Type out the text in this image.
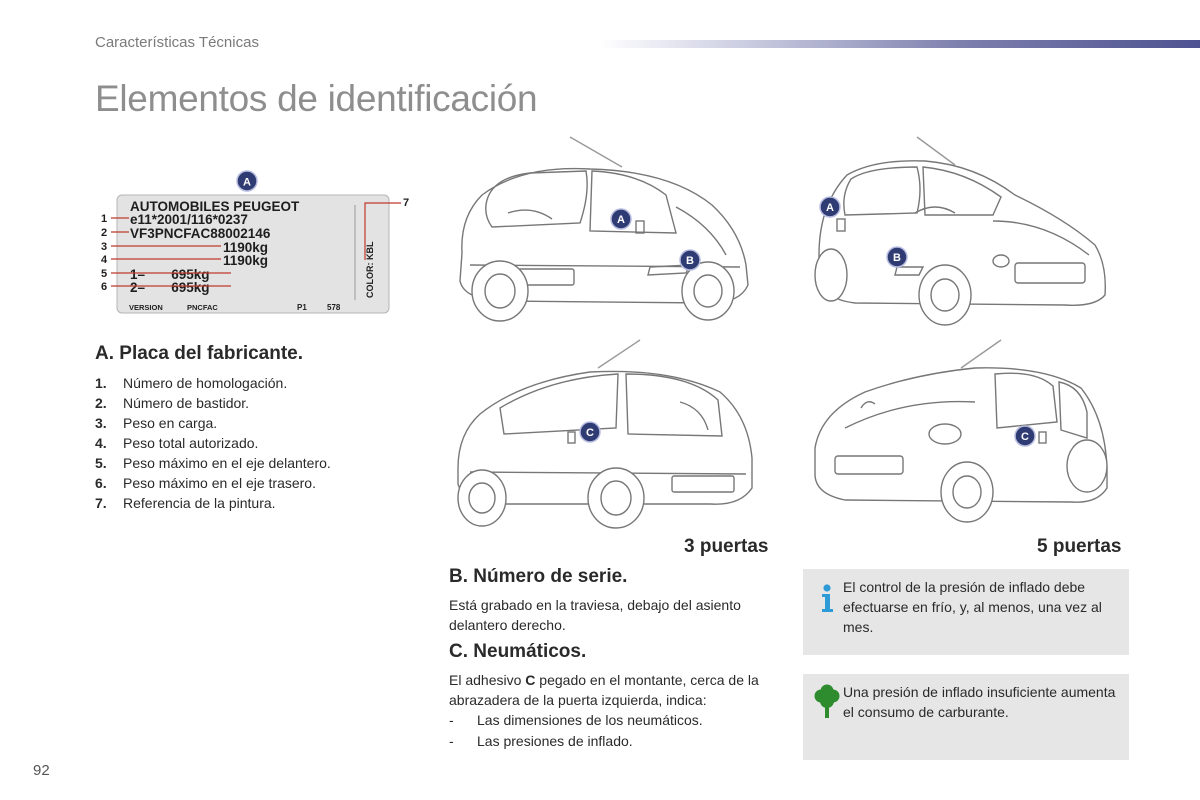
Características Técnicas
Elementos de identificación
A
AUTOMOBILES PEUGEOT
e11*2001/116*0237
VF3PNCFAC88002146
1190kg
1190kg
1–       695kg
2–       695kg	COLOR: KBL
VERSION	PNCFAC	P1	578
1
2
3
4
5
6
7
A. Placa del fabricante.
1. Número de homologación.
2. Número de bastidor.
3. Peso en carga.
4. Peso total autorizado.
5. Peso máximo en el eje delantero.
6. Peso máximo en el eje trasero.
7. Referencia de la pintura.
A
B
A
B
C	C
3 puertas	5 puertas
B. Número de serie.

Está grabado en la traviesa, debajo del asiento delantero derecho.

C. Neumáticos.

El adhesivo C pegado en el montante, cerca de la abrazadera de la puerta izquierda, indica:

- Las dimensiones de los neumáticos.
- Las presiones de inflado.
El control de la presión de inflado debe efectuarse en frío, y, al menos, una vez al mes.
Una presión de inflado insuficiente aumenta el consumo de carburante.
92
